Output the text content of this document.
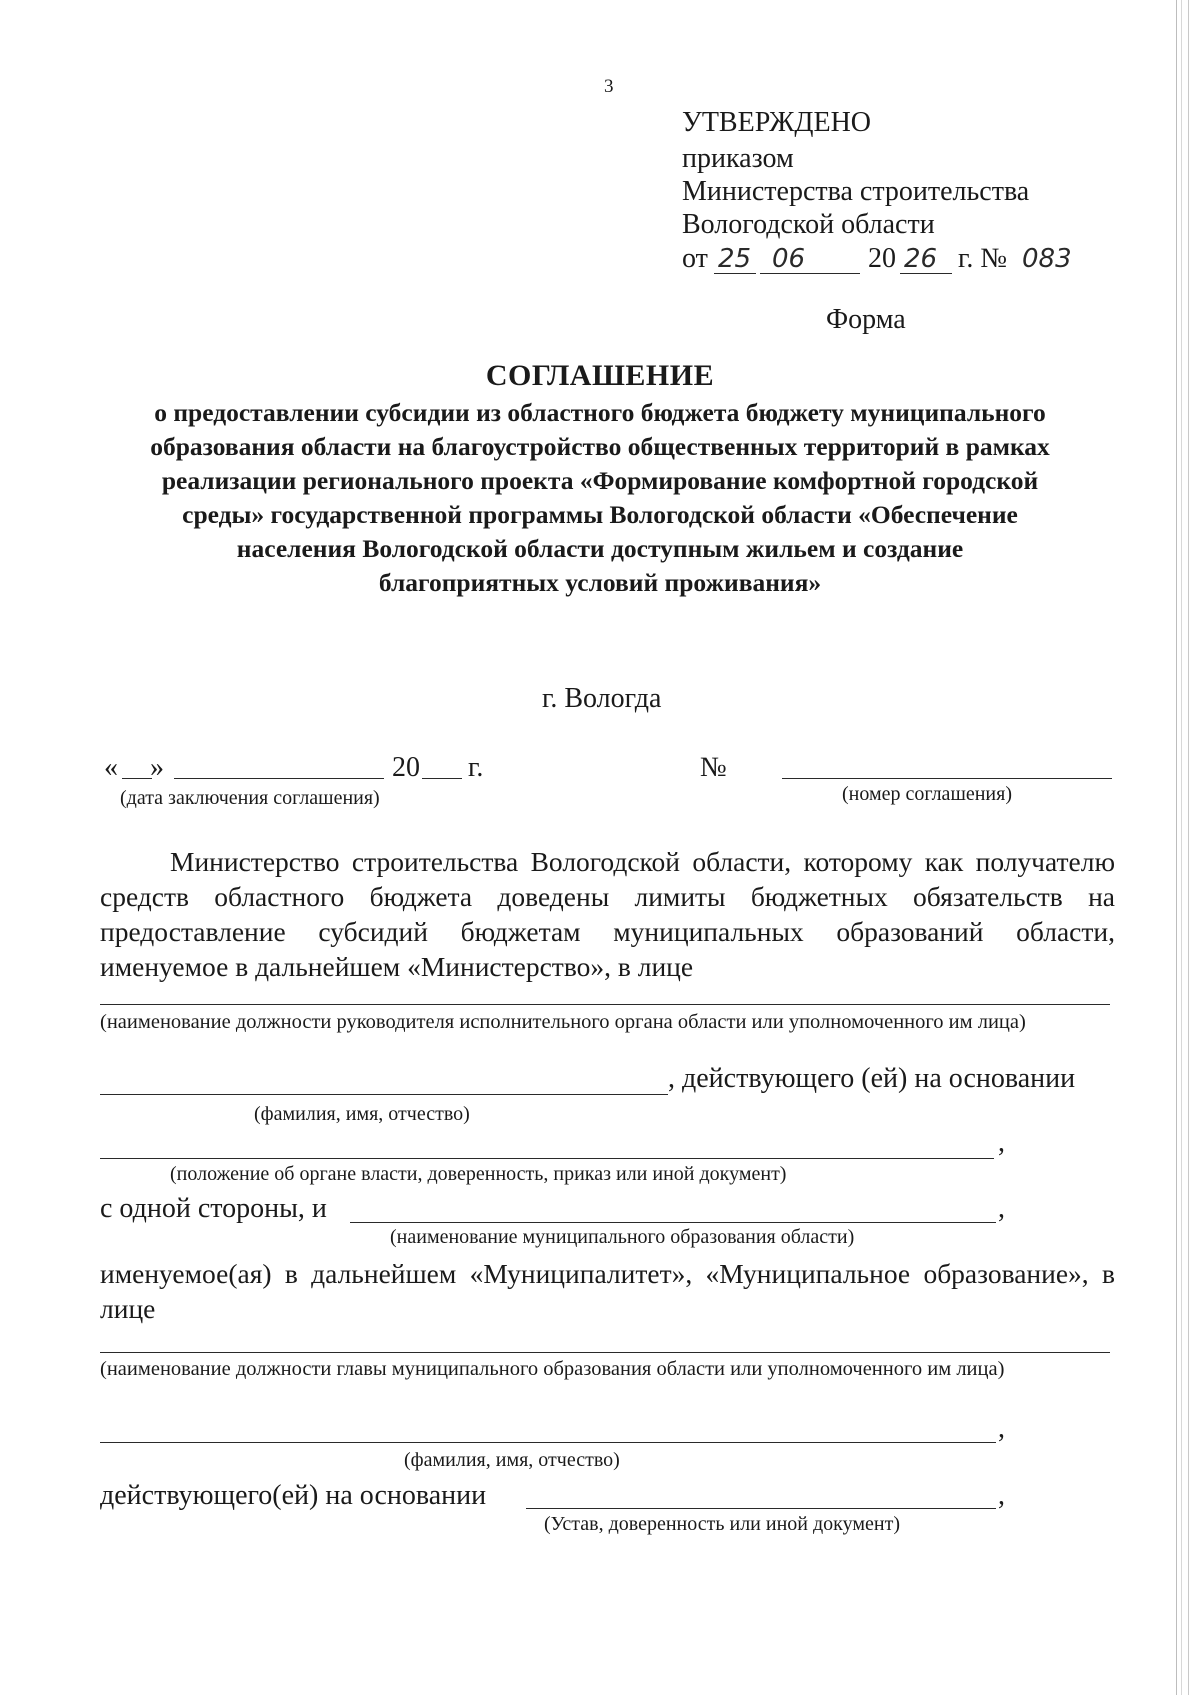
3
УТВЕРЖДЕНО
приказом
Министерства строительства
Вологодской области
от 25 06 20 26 г. № 083
Форма
СОГЛАШЕНИЕ
о предоставлении субсидии из областного бюджета бюджету муниципального
образования области на благоустройство общественных территорий в рамках
реализации регионального проекта «Формирование комфортной городской
среды» государственной программы Вологодской области «Обеспечение
населения Вологодской области доступным жильем и создание
благоприятных условий проживания»
г. Вологда
« »	20 г.	№
(дата заключения соглашения)	(номер соглашения)
Министерство строительства Вологодской области, которому как получателю средств областного бюджета доведены лимиты бюджетных обязательств на предоставление субсидий бюджетам муниципальных образований области, именуемое в дальнейшем «Министерство», в лице
(наименование должности руководителя исполнительного органа области или уполномоченного им лица)
, действующего (ей) на основании
(фамилия, имя, отчество)
,
(положение об органе власти, доверенность, приказ или иной документ)
с одной стороны, и	,
(наименование муниципального образования области)
именуемое(ая) в дальнейшем «Муниципалитет», «Муниципальное образование», в лице
(наименование должности главы муниципального образования области или уполномоченного им лица)
,
(фамилия, имя, отчество)
действующего(ей) на основании	,
(Устав, доверенность или иной документ)
